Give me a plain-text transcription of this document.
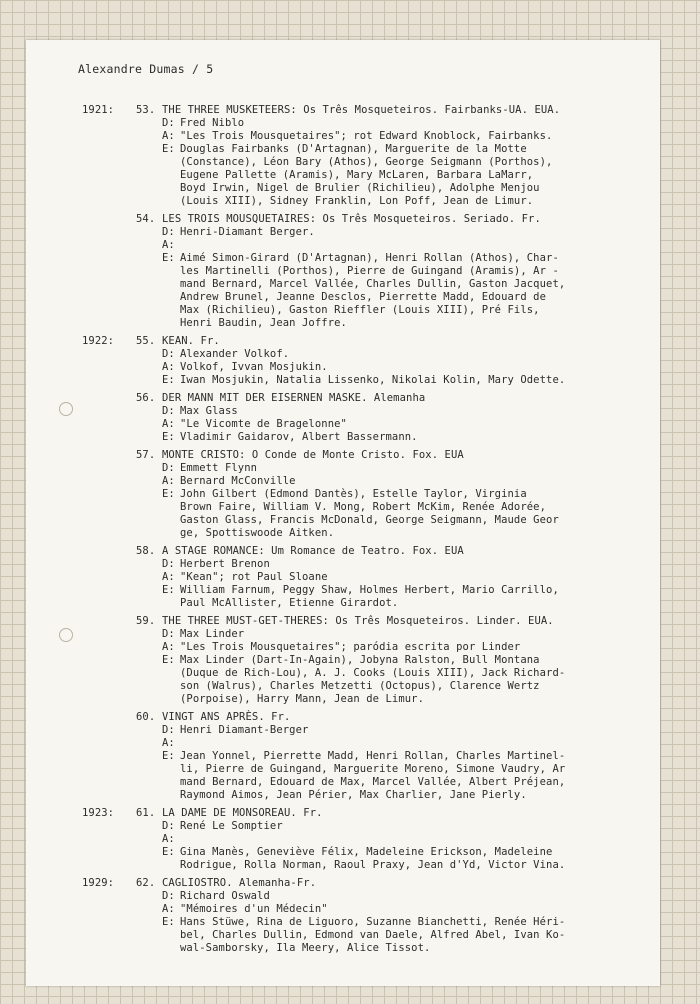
Alexandre Dumas / 5
1921:	53. THE THREE MUSKETEERS: Os Três Mosqueteiros. Fairbanks-UA. EUA.
D: Fred Niblo
A: "Les Trois Mousquetaires"; rot Edward Knoblock, Fairbanks.
E: Douglas Fairbanks (D'Artagnan), Marguerite de la Motte
(Constance), Léon Bary (Athos), George Seigmann (Porthos),
Eugene Pallette (Aramis), Mary McLaren, Barbara LaMarr,
Boyd Irwin, Nigel de Brulier (Richilieu), Adolphe Menjou
(Louis XIII), Sidney Franklin, Lon Poff, Jean de Limur.
54. LES TROIS MOUSQUETAIRES: Os Três Mosqueteiros. Seriado. Fr.
D: Henri-Diamant Berger.
A:
E: Aimé Simon-Girard (D'Artagnan), Henri Rollan (Athos), Char-
les Martinelli (Porthos), Pierre de Guingand (Aramis), Ar -
mand Bernard, Marcel Vallée, Charles Dullin, Gaston Jacquet,
Andrew Brunel, Jeanne Desclos, Pierrette Madd, Edouard de
Max (Richilieu), Gaston Rieffler (Louis XIII), Pré Fils,
Henri Baudin, Jean Joffre.
1922:	55. KEAN. Fr.
D: Alexander Volkof.
A: Volkof, Ivvan Mosjukin.
E: Iwan Mosjukin, Natalia Lissenko, Nikolai Kolin, Mary Odette.
56. DER MANN MIT DER EISERNEN MASKE. Alemanha
D: Max Glass
A: "Le Vicomte de Bragelonne"
E: Vladimir Gaidarov, Albert Bassermann.
57. MONTE CRISTO: O Conde de Monte Cristo. Fox. EUA
D: Emmett Flynn
A: Bernard McConville
E: John Gilbert (Edmond Dantès), Estelle Taylor, Virginia
Brown Faire, William V. Mong, Robert McKim, Renée Adorée,
Gaston Glass, Francis McDonald, George Seigmann, Maude Geor
ge, Spottiswoode Aitken.
58. A STAGE ROMANCE: Um Romance de Teatro. Fox. EUA
D: Herbert Brenon
A: "Kean"; rot Paul Sloane
E: William Farnum, Peggy Shaw, Holmes Herbert, Mario Carrillo,
Paul McAllister, Etienne Girardot.
59. THE THREE MUST-GET-THERES: Os Três Mosqueteiros. Linder. EUA.
D: Max Linder
A: "Les Trois Mousquetaires"; paródia escrita por Linder
E: Max Linder (Dart-In-Again), Jobyna Ralston, Bull Montana
(Duque de Rich-Lou), A. J. Cooks (Louis XIII), Jack Richard-
son (Walrus), Charles Metzetti (Octopus), Clarence Wertz
(Porpoise), Harry Mann, Jean de Limur.
60. VINGT ANS APRÈS. Fr.
D: Henri Diamant-Berger
A:
E: Jean Yonnel, Pierrette Madd, Henri Rollan, Charles Martinel-
li, Pierre de Guingand, Marguerite Moreno, Simone Vaudry, Ar
mand Bernard, Edouard de Max, Marcel Vallée, Albert Préjean,
Raymond Aimos, Jean Périer, Max Charlier, Jane Pierly.
1923:	61. LA DAME DE MONSOREAU. Fr.
D: René Le Somptier
A:
E: Gina Manès, Geneviève Félix, Madeleine Erickson, Madeleine
Rodrigue, Rolla Norman, Raoul Praxy, Jean d'Yd, Victor Vina.
1929:	62. CAGLIOSTRO. Alemanha-Fr.
D: Richard Oswald
A: "Mémoires d'un Médecin"
E: Hans Stüwe, Rina de Liguoro, Suzanne Bianchetti, Renée Héri-
bel, Charles Dullin, Edmond van Daele, Alfred Abel, Ivan Ko-
wal-Samborsky, Ila Meery, Alice Tissot.
